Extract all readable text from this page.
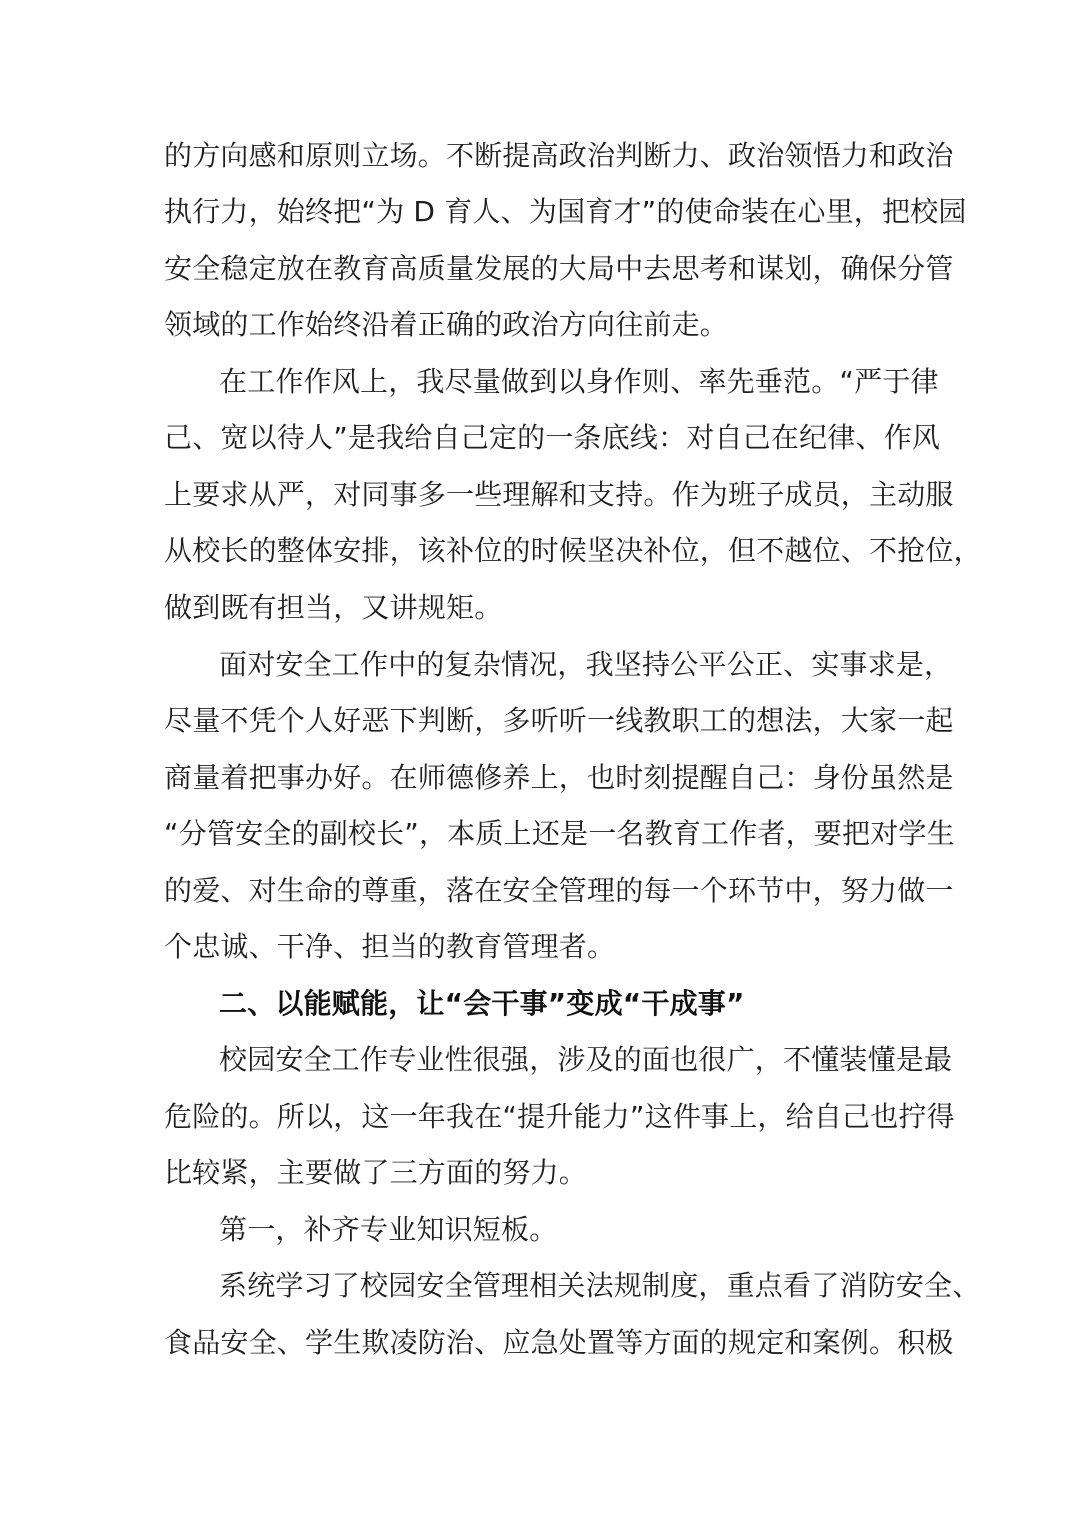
的方向感和原则立场。不断提高政治判断力、政治领悟力和政治
执行力，始终把“为 D 育人、为国育才”的使命装在心里，把校园
安全稳定放在教育高质量发展的大局中去思考和谋划，确保分管
领域的工作始终沿着正确的政治方向往前走。
在工作作风上，我尽量做到以身作则、率先垂范。“严于律
己、宽以待人”是我给自己定的一条底线：对自己在纪律、作风
上要求从严，对同事多一些理解和支持。作为班子成员，主动服
从校长的整体安排，该补位的时候坚决补位，但不越位、不抢位，
做到既有担当，又讲规矩。
面对安全工作中的复杂情况，我坚持公平公正、实事求是，
尽量不凭个人好恶下判断，多听听一线教职工的想法，大家一起
商量着把事办好。在师德修养上，也时刻提醒自己：身份虽然是
“分管安全的副校长”，本质上还是一名教育工作者，要把对学生
的爱、对生命的尊重，落在安全管理的每一个环节中，努力做一
个忠诚、干净、担当的教育管理者。
二、以能赋能，让“会干事”变成“干成事”
校园安全工作专业性很强，涉及的面也很广，不懂装懂是最
危险的。所以，这一年我在“提升能力”这件事上，给自己也拧得
比较紧，主要做了三方面的努力。
第一，补齐专业知识短板。
系统学习了校园安全管理相关法规制度，重点看了消防安全、
食品安全、学生欺凌防治、应急处置等方面的规定和案例。积极
